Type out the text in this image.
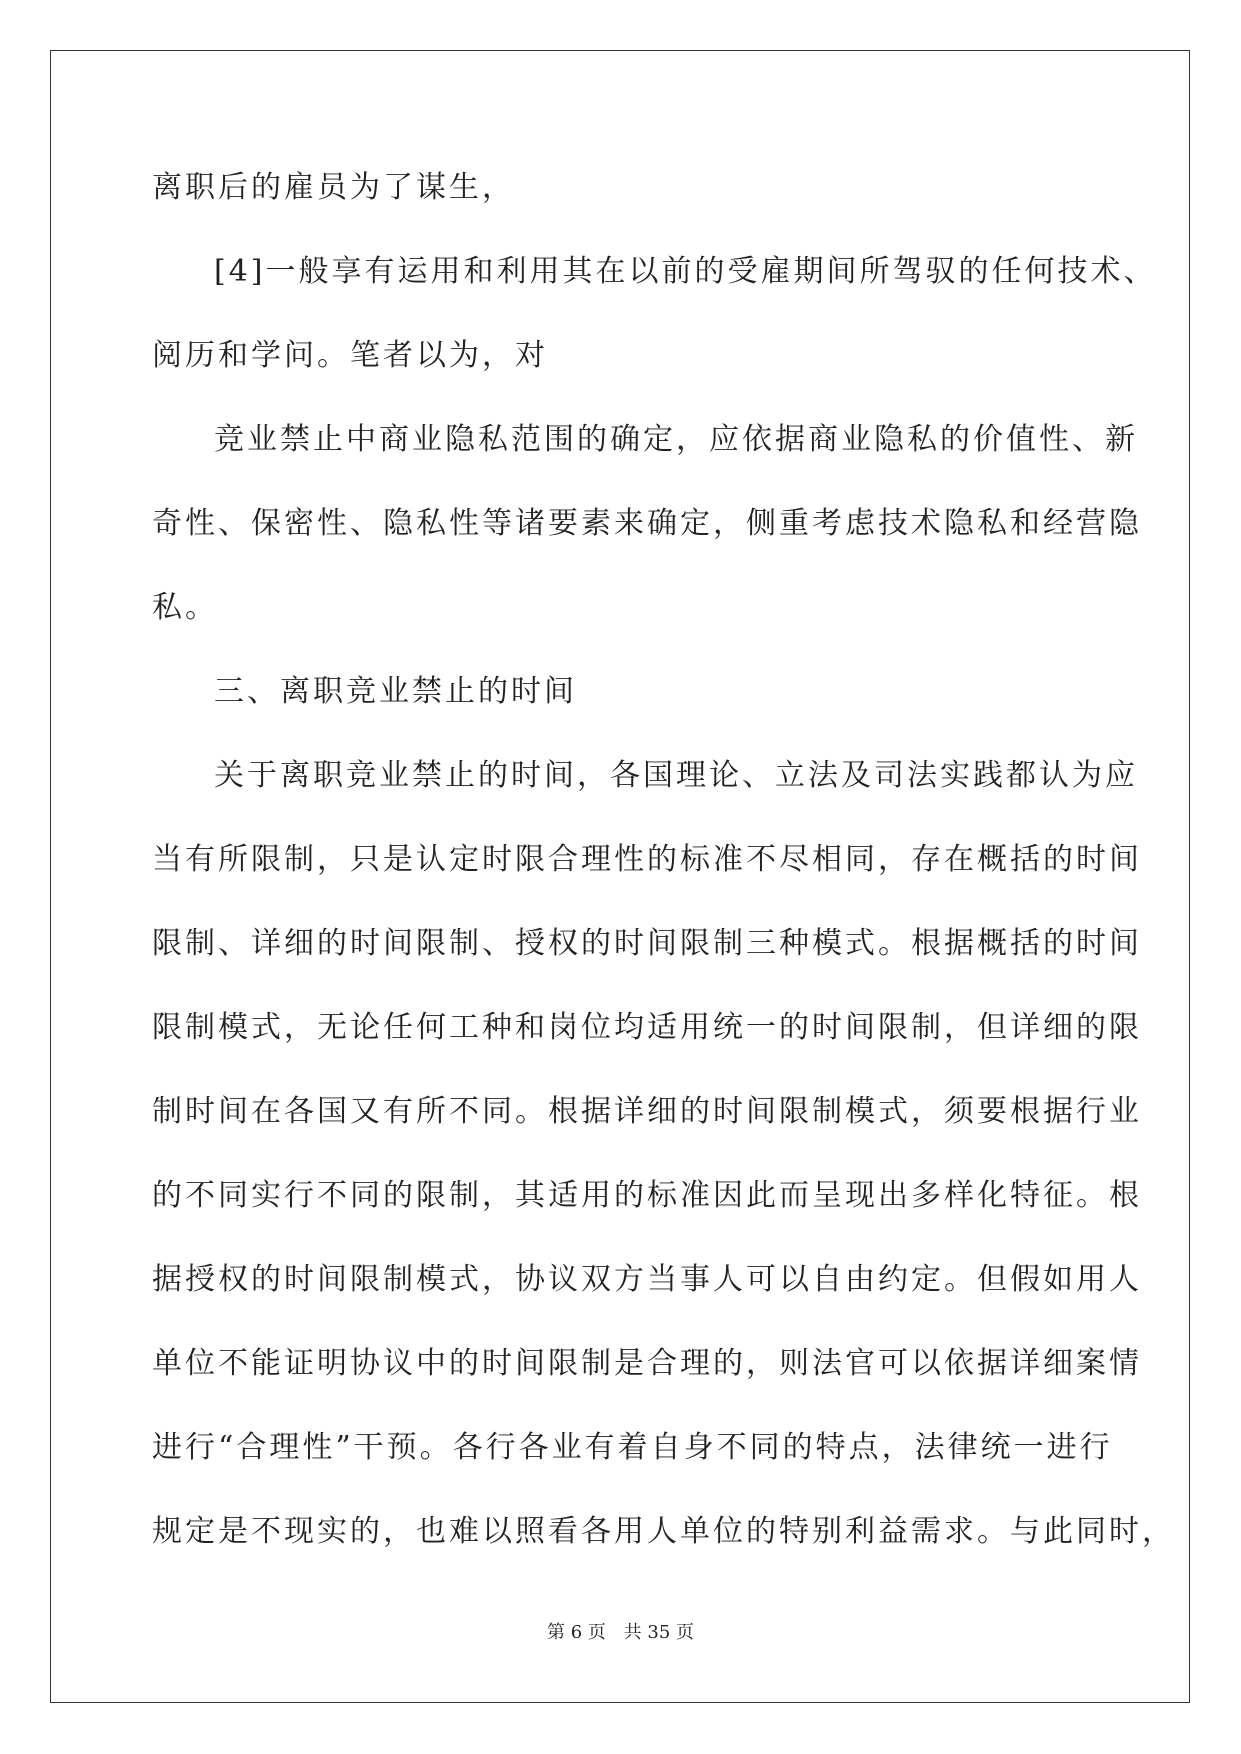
离职后的雇员为了谋生，
[4]一般享有运用和利用其在以前的受雇期间所驾驭的任何技术、
阅历和学问。笔者以为，对
竞业禁止中商业隐私范围的确定，应依据商业隐私的价值性、新
奇性、保密性、隐私性等诸要素来确定，侧重考虑技术隐私和经营隐
私。
三、离职竞业禁止的时间
关于离职竞业禁止的时间，各国理论、立法及司法实践都认为应
当有所限制，只是认定时限合理性的标准不尽相同，存在概括的时间
限制、详细的时间限制、授权的时间限制三种模式。根据概括的时间
限制模式，无论任何工种和岗位均适用统一的时间限制，但详细的限
制时间在各国又有所不同。根据详细的时间限制模式，须要根据行业
的不同实行不同的限制，其适用的标准因此而呈现出多样化特征。根
据授权的时间限制模式，协议双方当事人可以自由约定。但假如用人
单位不能证明协议中的时间限制是合理的，则法官可以依据详细案情
进行“合理性”干预。各行各业有着自身不同的特点，法律统一进行
规定是不现实的，也难以照看各用人单位的特别利益需求。与此同时，
第 6 页 共 35 页
